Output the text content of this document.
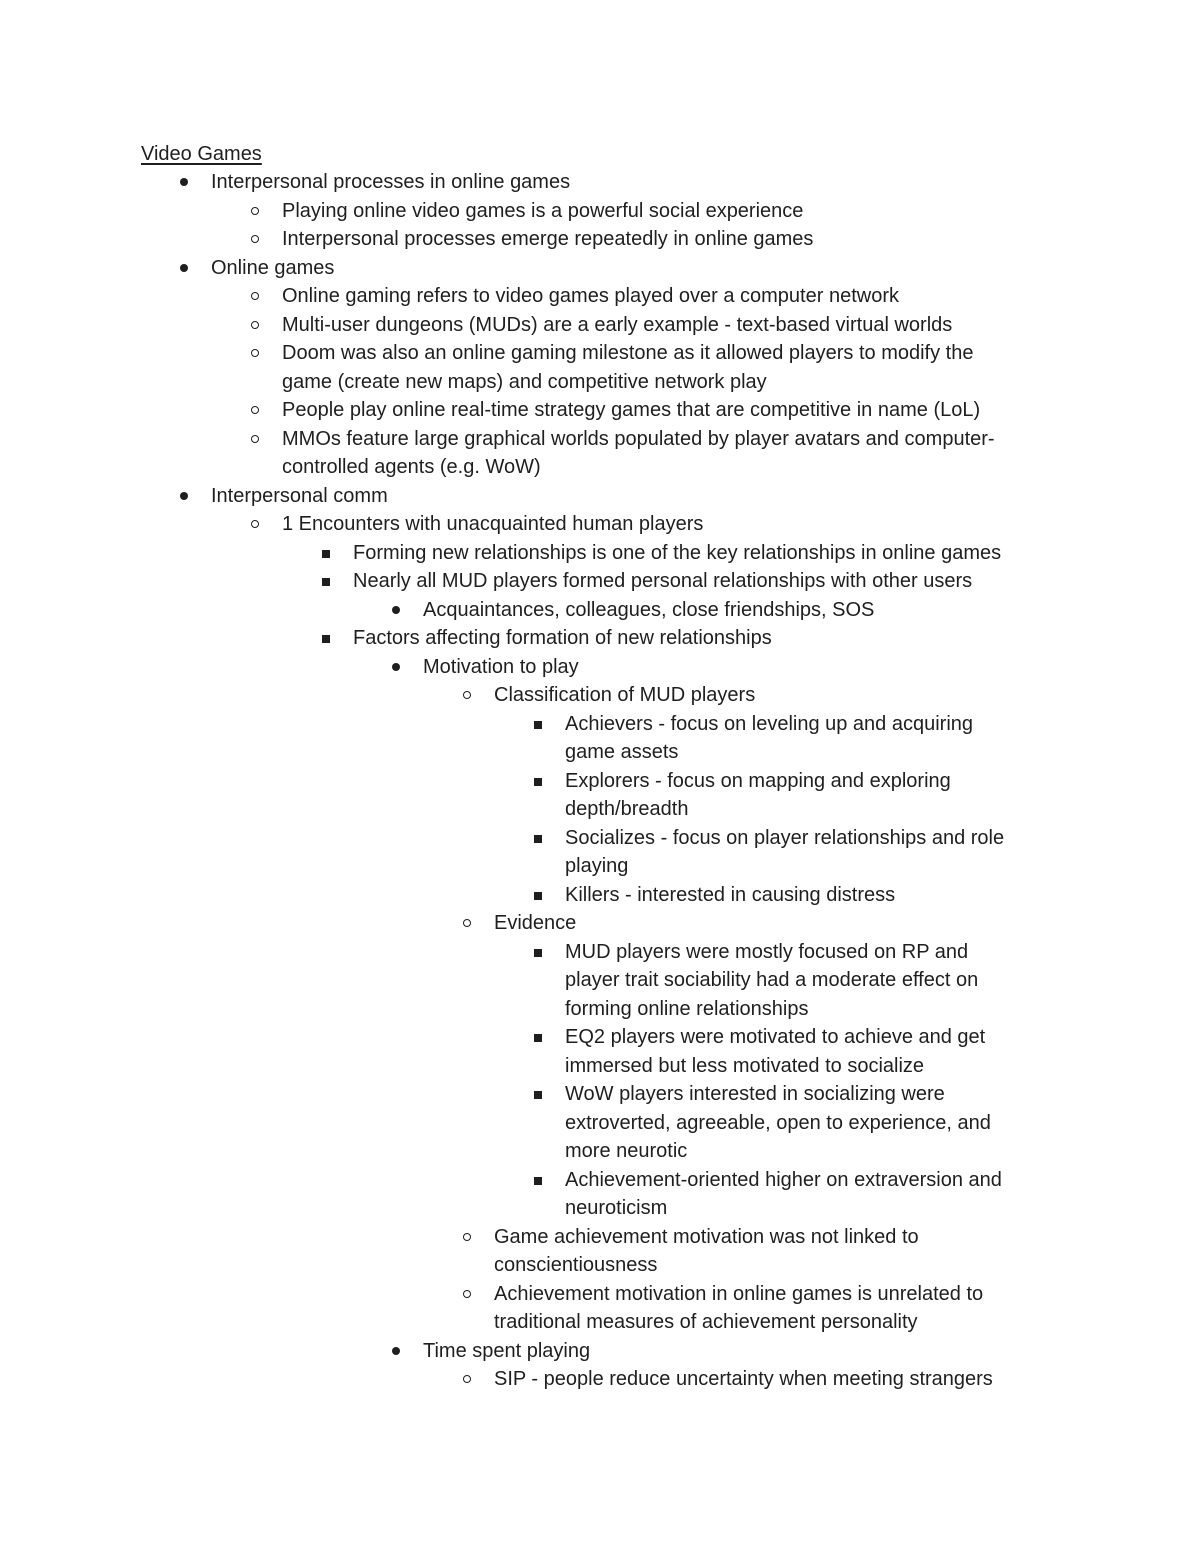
Video Games
Interpersonal processes in online games
Playing online video games is a powerful social experience
Interpersonal processes emerge repeatedly in online games
Online games
Online gaming refers to video games played over a computer network
Multi-user dungeons (MUDs) are a early example - text-based virtual worlds
Doom was also an online gaming milestone as it allowed players to modify the
game (create new maps) and competitive network play
People play online real-time strategy games that are competitive in name (LoL)
MMOs feature large graphical worlds populated by player avatars and computer-
controlled agents (e.g. WoW)
Interpersonal comm
1 Encounters with unacquainted human players
Forming new relationships is one of the key relationships in online games
Nearly all MUD players formed personal relationships with other users
Acquaintances, colleagues, close friendships, SOS
Factors affecting formation of new relationships
Motivation to play
Classification of MUD players
Achievers - focus on leveling up and acquiring
game assets
Explorers - focus on mapping and exploring
depth/breadth
Socializes - focus on player relationships and role
playing
Killers - interested in causing distress
Evidence
MUD players were mostly focused on RP and
player trait sociability had a moderate effect on
forming online relationships
EQ2 players were motivated to achieve and get
immersed but less motivated to socialize
WoW players interested in socializing were
extroverted, agreeable, open to experience, and
more neurotic
Achievement-oriented higher on extraversion and
neuroticism
Game achievement motivation was not linked to
conscientiousness
Achievement motivation in online games is unrelated to
traditional measures of achievement personality
Time spent playing
SIP - people reduce uncertainty when meeting strangers
